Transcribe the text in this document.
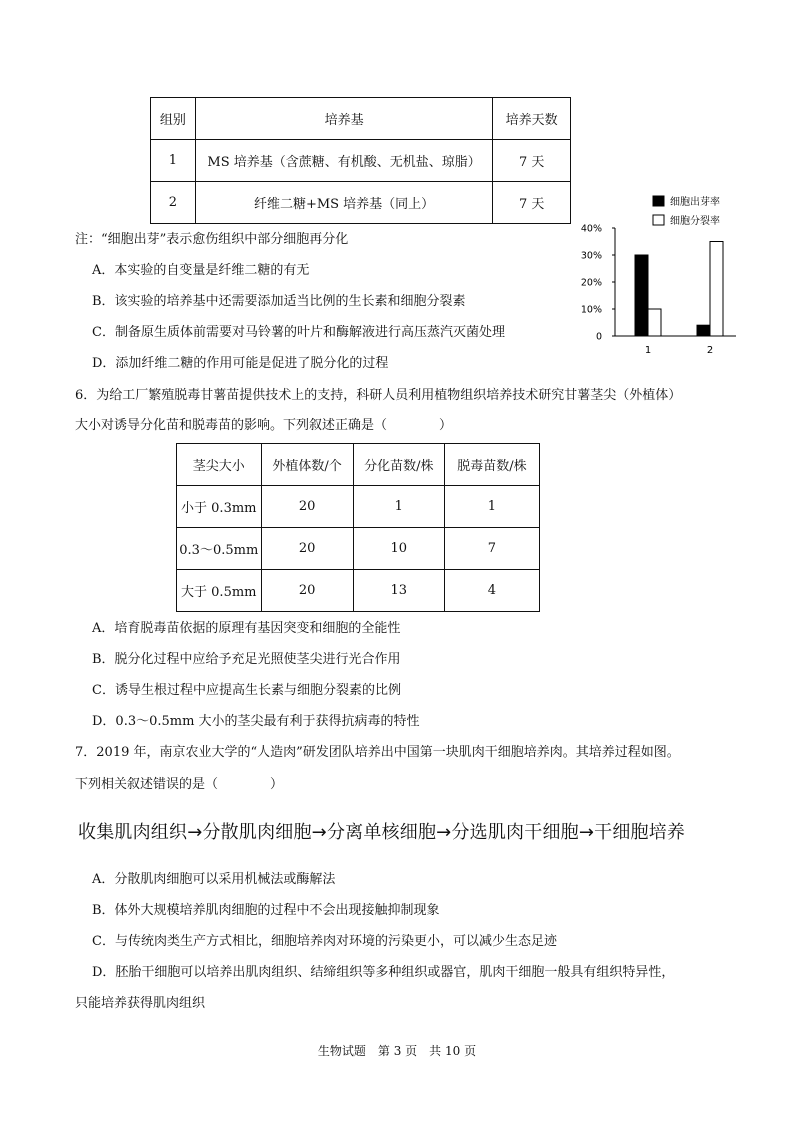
组别	培养基	培养天数
1	MS 培养基（含蔗糖、有机酸、无机盐、琼脂）	7 天
2	纤维二糖+MS 培养基（同上）	7 天
注：“细胞出芽”表示愈伤组织中部分细胞再分化
A．本实验的自变量是纤维二糖的有无
B．该实验的培养基中还需要添加适当比例的生长素和细胞分裂素
C．制备原生质体前需要对马铃薯的叶片和酶解液进行高压蒸汽灭菌处理
D．添加纤维二糖的作用可能是促进了脱分化的过程
细胞出芽率
细胞分裂率
0
10%
20%
30%
40%
1	2
6．为给工厂繁殖脱毒甘薯苗提供技术上的支持，科研人员利用植物组织培养技术研究甘薯茎尖（外植体）
大小对诱导分化苗和脱毒苗的影响。下列叙述正确是（　　　　）
茎尖大小	外植体数/个	分化苗数/株	脱毒苗数/株
小于 0.3mm	20	1	1
0.3～0.5mm	20	10	7
大于 0.5mm	20	13	4
A．培育脱毒苗依据的原理有基因突变和细胞的全能性
B．脱分化过程中应给予充足光照使茎尖进行光合作用
C．诱导生根过程中应提高生长素与细胞分裂素的比例
D．0.3～0.5mm 大小的茎尖最有利于获得抗病毒的特性
7．2019 年，南京农业大学的“人造肉”研发团队培养出中国第一块肌肉干细胞培养肉。其培养过程如图。
下列相关叙述错误的是（　　　　）
收集肌肉组织→分散肌肉细胞→分离单核细胞→分选肌肉干细胞→干细胞培养
A．分散肌肉细胞可以采用机械法或酶解法
B．体外大规模培养肌肉细胞的过程中不会出现接触抑制现象
C．与传统肉类生产方式相比，细胞培养肉对环境的污染更小，可以减少生态足迹
D．胚胎干细胞可以培养出肌肉组织、结缔组织等多种组织或器官，肌肉干细胞一般具有组织特异性，
只能培养获得肌肉组织
生物试题　第 3 页　共 10 页
